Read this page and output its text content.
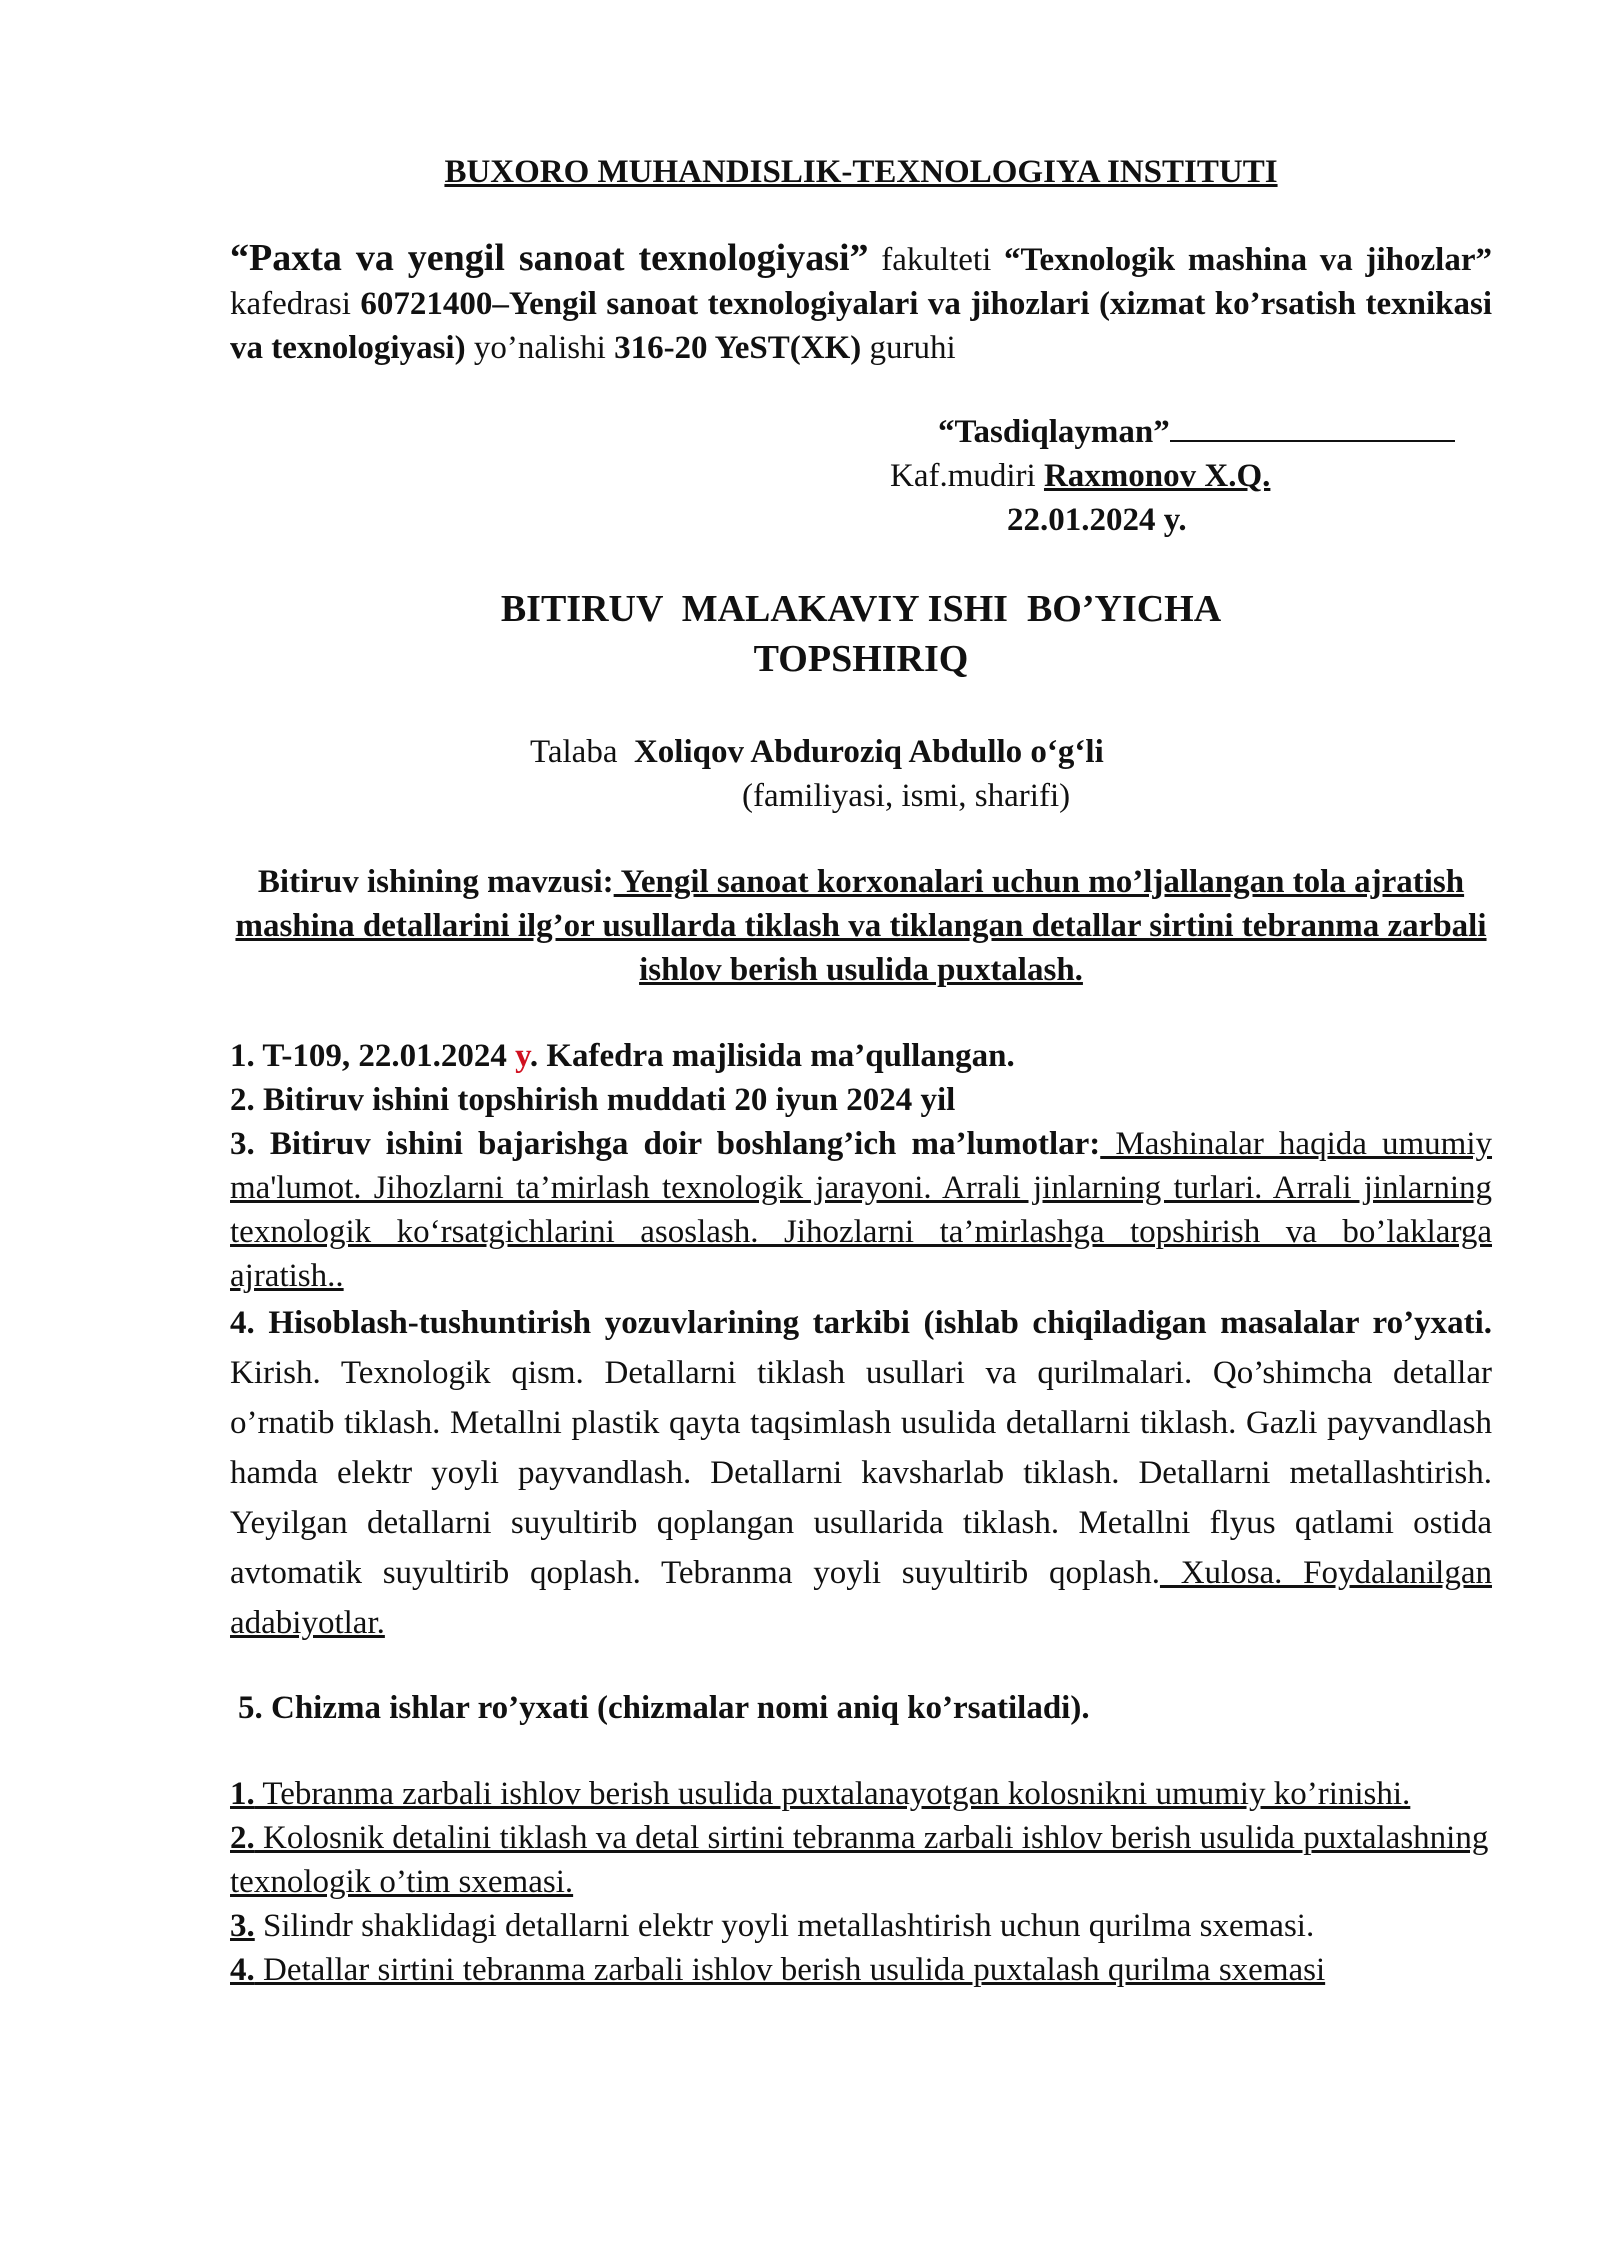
BUXORO MUHANDISLIK-TEXNOLOGIYA INSTITUTI

“Paxta va yengil sanoat texnologiyasi” fakulteti “Texnologik mashina va jihozlar” kafedrasi 60721400–Yengil sanoat texnologiyalari va jihozlari (xizmat ko’rsatish texnikasi va texnologiyasi) yo’nalishi 316-20 YeST(XK) guruhi

“Tasdiqlayman”
Kaf.mudiri Raxmonov X.Q.
22.01.2024 y.
BITIRUV  MALAKAVIY ISHI  BO’YICHA
TOPSHIRIQ

Talaba  Xoliqov Abduroziq Abdullo o‘g‘li

(familiyasi, ismi, sharifi)

Bitiruv ishining mavzusi: Yengil sanoat korxonalari uchun mo’ljallangan tola ajratish mashina detallarini ilg’or usullarda tiklash va tiklangan detallar sirtini tebranma zarbali ishlov berish usulida puxtalash.

1. T-109, 22.01.2024 y. Kafedra majlisida ma’qullangan.

2. Bitiruv ishini topshirish muddati 20 iyun 2024 yil

3. Bitiruv ishini bajarishga doir boshlang’ich ma’lumotlar: Mashinalar haqida umumiy ma'lumot. Jihozlarni ta’mirlash texnologik jarayoni. Arrali jinlarning turlari. Arrali jinlarning texnologik ko‘rsatgichlarini asoslash. Jihozlarni ta’mirlashga topshirish va bo’laklarga ajratish..

4. Hisoblash-tushuntirish yozuvlarining tarkibi (ishlab chiqiladigan masalalar ro’yxati. Kirish. Texnologik qism. Detallarni tiklash usullari va qurilmalari. Qo’shimcha detallar o’rnatib tiklash. Metallni plastik qayta taqsimlash usulida detallarni tiklash. Gazli payvandlash hamda elektr yoyli payvandlash. Detallarni kavsharlab tiklash. Detallarni metallashtirish. Yeyilgan detallarni suyultirib qoplangan usullarida tiklash. Metallni flyus qatlami ostida avtomatik suyultirib qoplash. Tebranma yoyli suyultirib qoplash. Xulosa. Foydalanilgan adabiyotlar.

5. Chizma ishlar ro’yxati (chizmalar nomi aniq ko’rsatiladi).

1. Tebranma zarbali ishlov berish usulida puxtalanayotgan kolosnikni umumiy ko’rinishi.

2. Kolosnik detalini tiklash va detal sirtini tebranma zarbali ishlov berish usulida puxtalashning texnologik o’tim sxemasi.

3. Silindr shaklidagi detallarni elektr yoyli metallashtirish uchun qurilma sxemasi.

4. Detallar sirtini tebranma zarbali ishlov berish usulida puxtalash qurilma sxemasi
